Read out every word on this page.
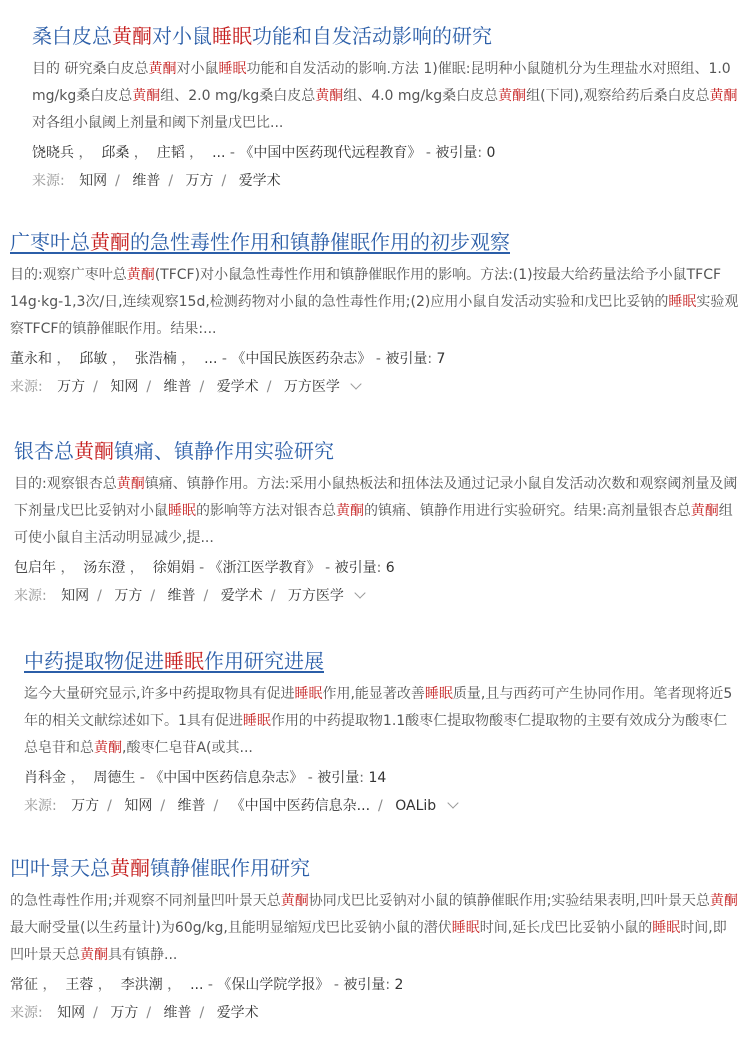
桑白皮总黄酮对小鼠睡眠功能和自发活动影响的研究

目的 研究桑白皮总黄酮对小鼠睡眠功能和自发活动的影响.方法 1)催眠:昆明种小鼠随机分为生理盐水对照组、1.0 mg/kg桑白皮总黄酮组、2.0 mg/kg桑白皮总黄酮组、4.0 mg/kg桑白皮总黄酮组(下同),观察给药后桑白皮总黄酮对各组小鼠阈上剂量和阈下剂量戊巴比...

饶晓兵 ，  邱桑 ，  庄韬 ，  ... - 《中国中医药现代远程教育》 - 被引量: 0
来源: 知网 / 维普 / 万方 / 爱学术
广枣叶总黄酮的急性毒性作用和镇静催眠作用的初步观察

目的:观察广枣叶总黄酮(TFCF)对小鼠急性毒性作用和镇静催眠作用的影响。方法:(1)按最大给药量法给予小鼠TFCF 14g·kg-1,3次/日,连续观察15d,检测药物对小鼠的急性毒性作用;(2)应用小鼠自发活动实验和戊巴比妥钠的睡眠实验观察TFCF的镇静催眠作用。结果:...

董永和 ，  邱敏 ，  张浩楠 ，  ... - 《中国民族医药杂志》 - 被引量: 7
来源: 万方 / 知网 / 维普 / 爱学术 / 万方医学
银杏总黄酮镇痛、镇静作用实验研究

目的:观察银杏总黄酮镇痛、镇静作用。方法:采用小鼠热板法和扭体法及通过记录小鼠自发活动次数和观察阈剂量及阈下剂量戊巴比妥钠对小鼠睡眠的影响等方法对银杏总黄酮的镇痛、镇静作用进行实验研究。结果:高剂量银杏总黄酮组可使小鼠自主活动明显减少,提...

包启年 ，  汤东澄 ，  徐娟娟 - 《浙江医学教育》 - 被引量: 6
来源: 知网 / 万方 / 维普 / 爱学术 / 万方医学
中药提取物促进睡眠作用研究进展

迄今大量研究显示,许多中药提取物具有促进睡眠作用,能显著改善睡眠质量,且与西药可产生协同作用。笔者现将近5年的相关文献综述如下。1具有促进睡眠作用的中药提取物1.1酸枣仁提取物酸枣仁提取物的主要有效成分为酸枣仁总皂苷和总黄酮,酸枣仁皂苷A(或其...

肖科金 ，  周德生 - 《中国中医药信息杂志》 - 被引量: 14
来源: 万方 / 知网 / 维普 / 《中国中医药信息杂... / OALib
凹叶景天总黄酮镇静催眠作用研究

的急性毒性作用;并观察不同剂量凹叶景天总黄酮协同戊巴比妥钠对小鼠的镇静催眠作用;实验结果表明,凹叶景天总黄酮最大耐受量(以生药量计)为60g/kg,且能明显缩短戊巴比妥钠小鼠的潜伏睡眠时间,延长戊巴比妥钠小鼠的睡眠时间,即凹叶景天总黄酮具有镇静...

常征 ，  王蓉 ，  李洪潮 ，  ... - 《保山学院学报》 - 被引量: 2
来源: 知网 / 万方 / 维普 / 爱学术
